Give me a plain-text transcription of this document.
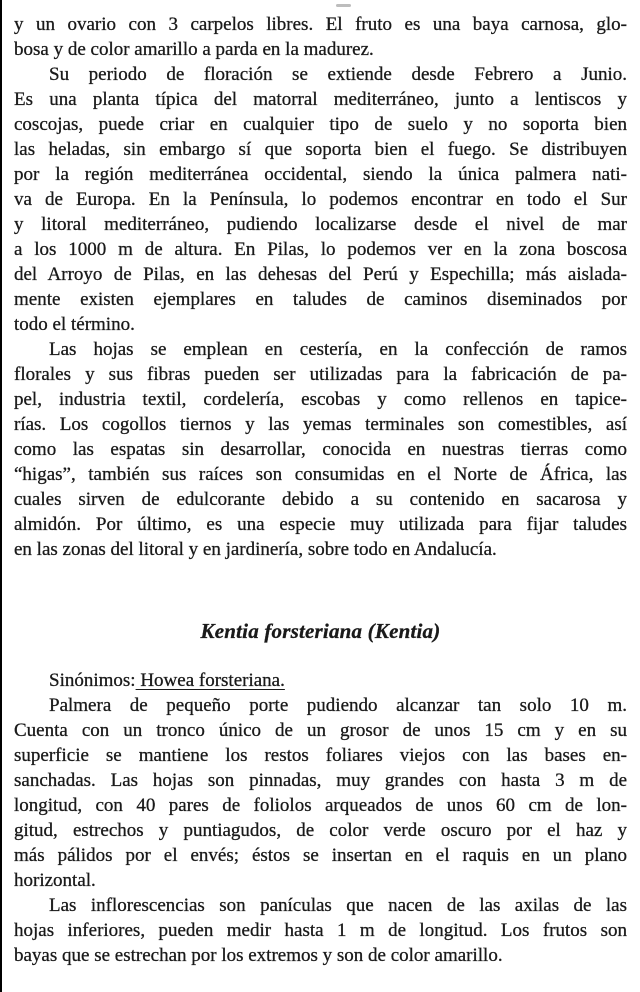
y un ovario con 3 carpelos libres. El fruto es una baya carnosa, glo-
bosa y de color amarillo a parda en la madurez.
Su periodo de floración se extiende desde Febrero a Junio.
Es una planta típica del matorral mediterráneo, junto a lentiscos y
coscojas, puede criar en cualquier tipo de suelo y no soporta bien
las heladas, sin embargo sí que soporta bien el fuego. Se distribuyen
por la región mediterránea occidental, siendo la única palmera nati-
va de Europa. En la Península, lo podemos encontrar en todo el Sur
y litoral mediterráneo, pudiendo localizarse desde el nivel de mar
a los 1000 m de altura. En Pilas, lo podemos ver en la zona boscosa
del Arroyo de Pilas, en las dehesas del Perú y Espechilla; más aislada-
mente existen ejemplares en taludes de caminos diseminados por
todo el término.
Las hojas se emplean en cestería, en la confección de ramos
florales y sus fibras pueden ser utilizadas para la fabricación de pa-
pel, industria textil, cordelería, escobas y como rellenos en tapice-
rías. Los cogollos tiernos y las yemas terminales son comestibles, así
como las espatas sin desarrollar, conocida en nuestras tierras como
“higas”, también sus raíces son consumidas en el Norte de África, las
cuales sirven de edulcorante debido a su contenido en sacarosa y
almidón. Por último, es una especie muy utilizada para fijar taludes
en las zonas del litoral y en jardinería, sobre todo en Andalucía.
Kentia forsteriana (Kentia)
Sinónimos: Howea forsteriana.
Palmera de pequeño porte pudiendo alcanzar tan solo 10 m.
Cuenta con un tronco único de un grosor de unos 15 cm y en su
superficie se mantiene los restos foliares viejos con las bases en-
sanchadas. Las hojas son pinnadas, muy grandes con hasta 3 m de
longitud, con 40 pares de foliolos arqueados de unos 60 cm de lon-
gitud, estrechos y puntiagudos, de color verde oscuro por el haz y
más pálidos por el envés; éstos se insertan en el raquis en un plano
horizontal.
Las inflorescencias son panículas que nacen de las axilas de las
hojas inferiores, pueden medir hasta 1 m de longitud. Los frutos son
bayas que se estrechan por los extremos y son de color amarillo.
